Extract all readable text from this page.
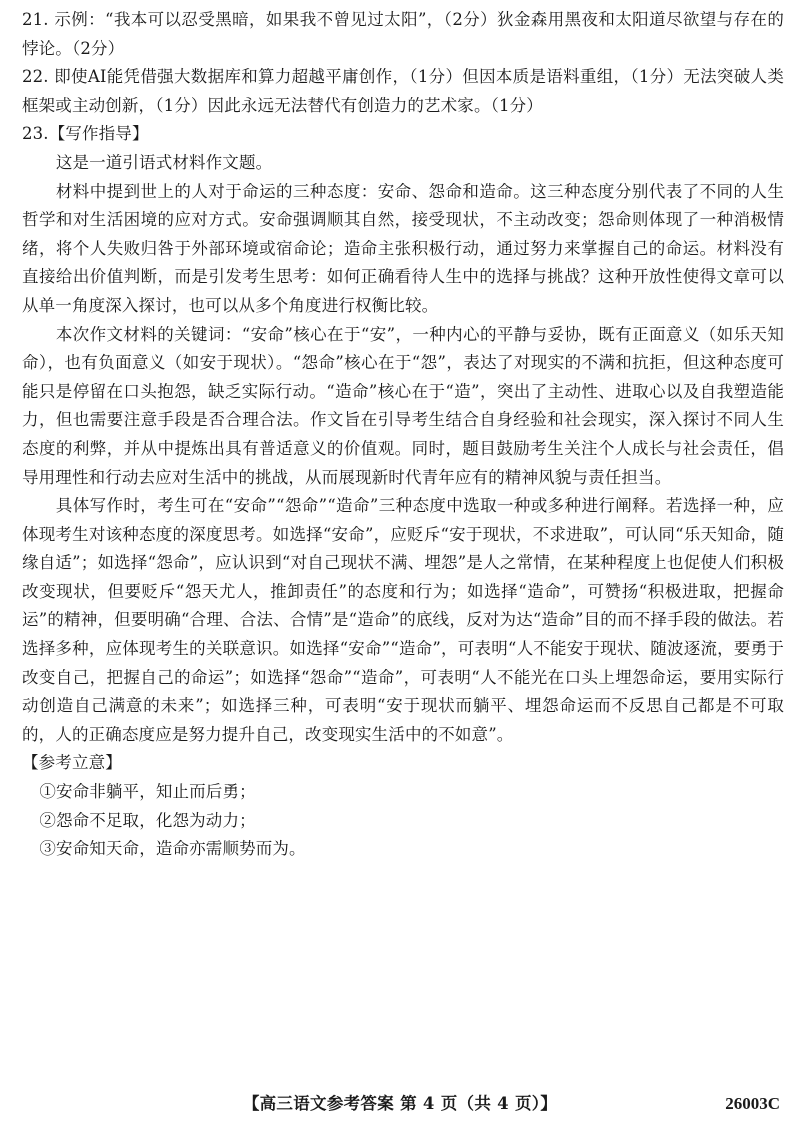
21. 示例：“我本可以忍受黑暗，如果我不曾见过太阳”，（2分）狄金森用黑夜和太阳道尽欲望与存在的悖论。（2分）

22. 即使AI能凭借强大数据库和算力超越平庸创作，（1分）但因本质是语料重组，（1分）无法突破人类框架或主动创新，（1分）因此永远无法替代有创造力的艺术家。（1分）

23.【写作指导】

这是一道引语式材料作文题。

材料中提到世上的人对于命运的三种态度：安命、怨命和造命。这三种态度分别代表了不同的人生哲学和对生活困境的应对方式。安命强调顺其自然，接受现状，不主动改变；怨命则体现了一种消极情绪，将个人失败归咎于外部环境或宿命论；造命主张积极行动，通过努力来掌握自己的命运。材料没有直接给出价值判断，而是引发考生思考：如何正确看待人生中的选择与挑战？这种开放性使得文章可以从单一角度深入探讨，也可以从多个角度进行权衡比较。

本次作文材料的关键词：“安命”核心在于“安”，一种内心的平静与妥协，既有正面意义（如乐天知命），也有负面意义（如安于现状）。“怨命”核心在于“怨”，表达了对现实的不满和抗拒，但这种态度可能只是停留在口头抱怨，缺乏实际行动。“造命”核心在于“造”，突出了主动性、进取心以及自我塑造能力，但也需要注意手段是否合理合法。作文旨在引导考生结合自身经验和社会现实，深入探讨不同人生态度的利弊，并从中提炼出具有普适意义的价值观。同时，题目鼓励考生关注个人成长与社会责任，倡导用理性和行动去应对生活中的挑战，从而展现新时代青年应有的精神风貌与责任担当。

具体写作时，考生可在“安命”“怨命”“造命”三种态度中选取一种或多种进行阐释。若选择一种，应体现考生对该种态度的深度思考。如选择“安命”，应贬斥“安于现状，不求进取”，可认同“乐天知命，随缘自适”；如选择“怨命”，应认识到“对自己现状不满、埋怨”是人之常情，在某种程度上也促使人们积极改变现状，但要贬斥“怨天尤人，推卸责任”的态度和行为；如选择“造命”，可赞扬“积极进取，把握命运”的精神，但要明确“合理、合法、合情”是“造命”的底线，反对为达“造命”目的而不择手段的做法。若选择多种，应体现考生的关联意识。如选择“安命”“造命”，可表明“人不能安于现状、随波逐流，要勇于改变自己，把握自己的命运”；如选择“怨命”“造命”，可表明“人不能光在口头上埋怨命运，要用实际行动创造自己满意的未来”；如选择三种，可表明“安于现状而躺平、埋怨命运而不反思自己都是不可取的，人的正确态度应是努力提升自己，改变现实生活中的不如意”。

【参考立意】

①安命非躺平，知止而后勇；

②怨命不足取，化怨为动力；

③安命知天命，造命亦需顺势而为。

【高三语文参考答案 第 4 页（共 4 页）】	26003C
